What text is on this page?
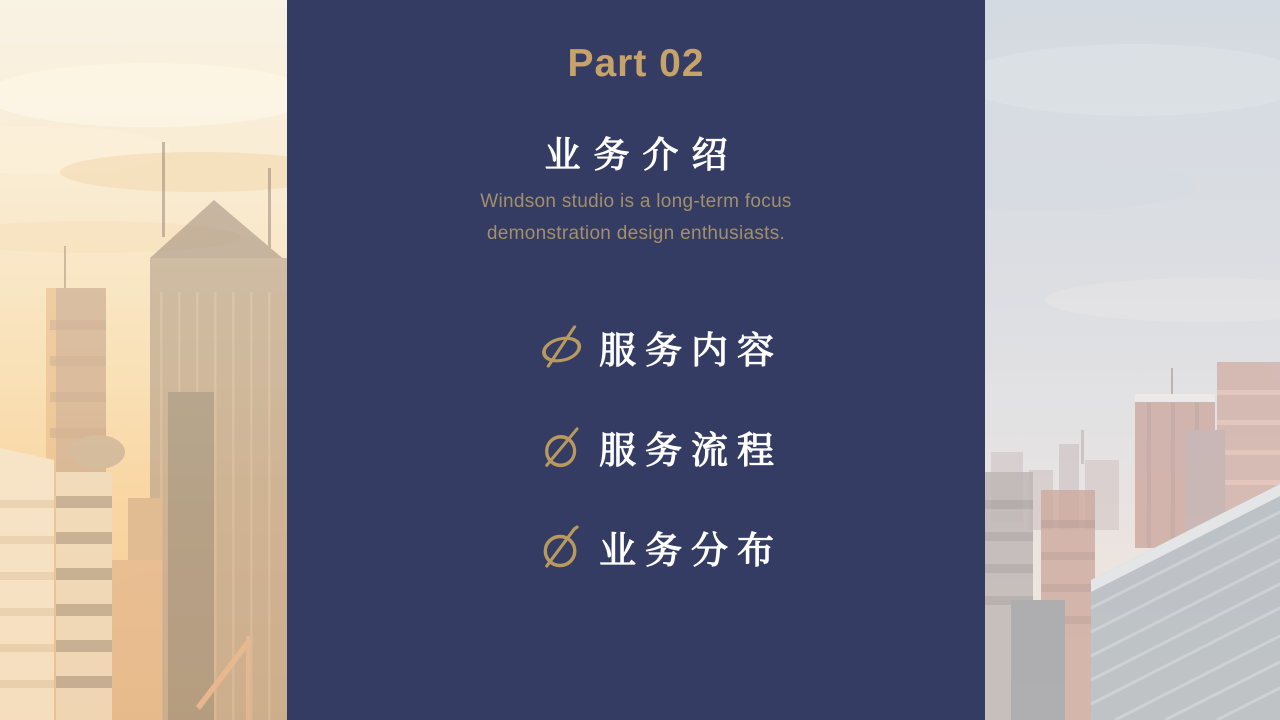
Part 02
业务介绍
Windson studio is a long-term focus
demonstration design enthusiasts.
服务内容
服务流程
业务分布
